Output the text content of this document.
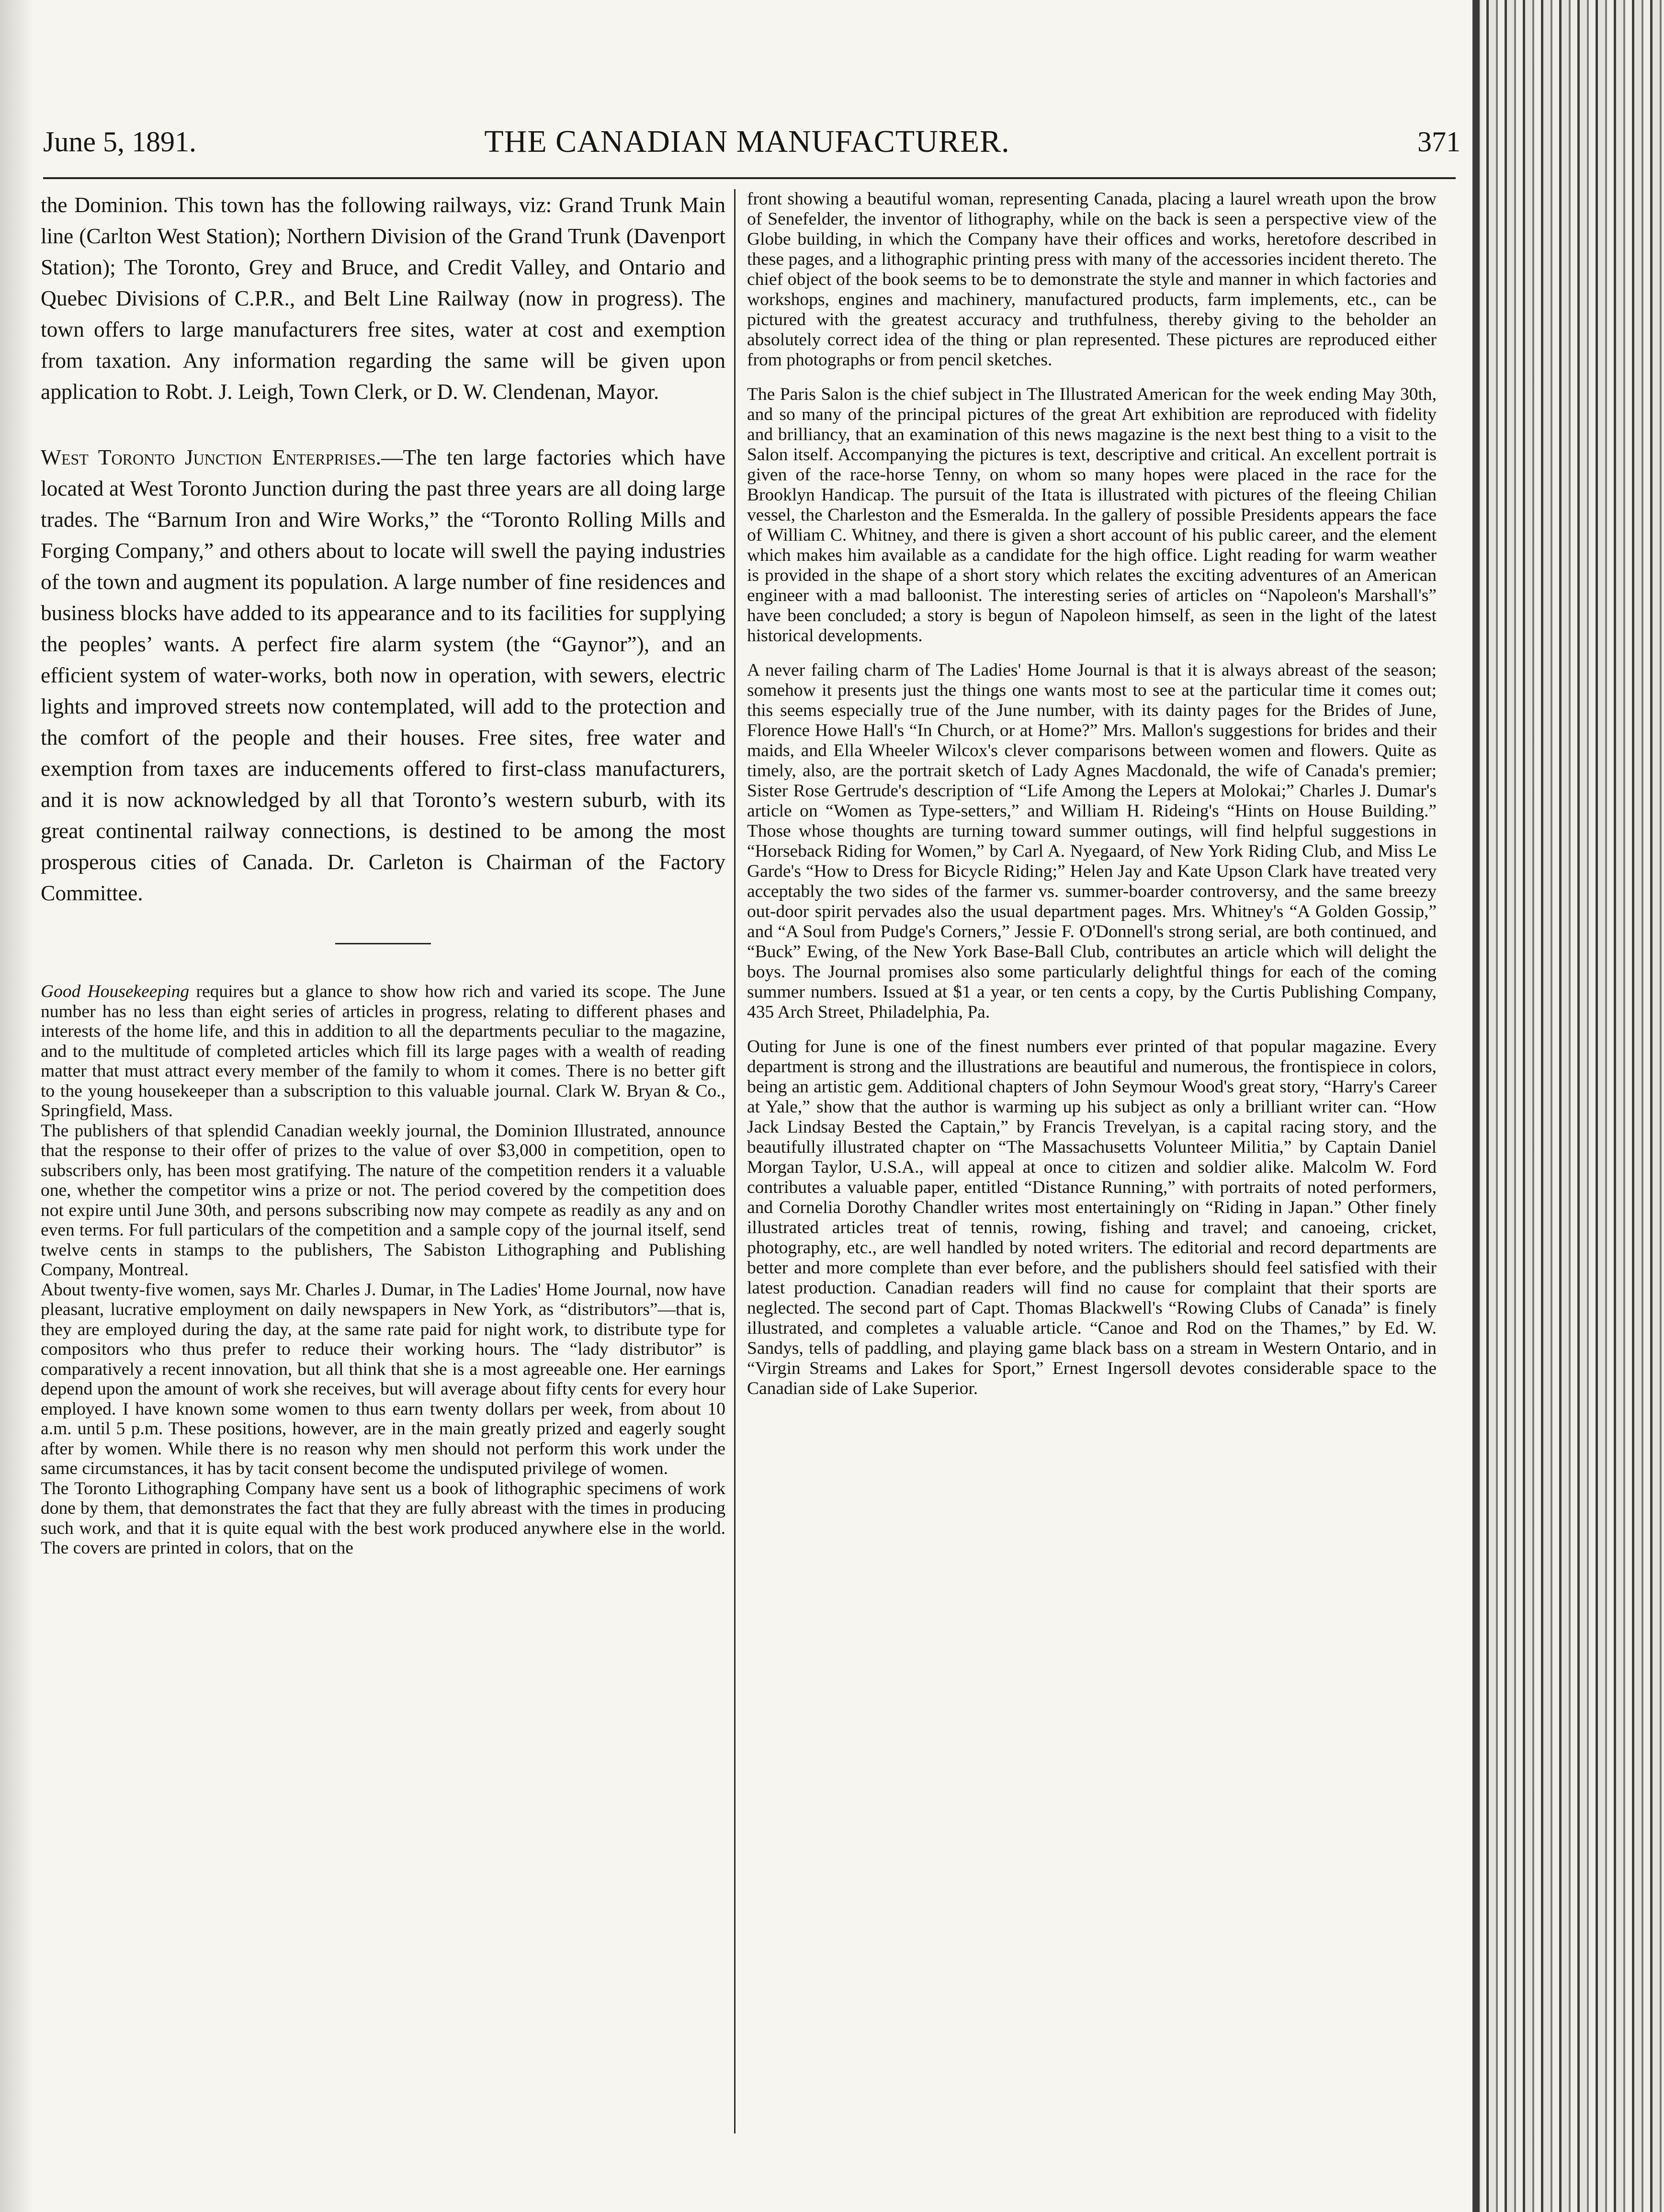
June 5, 1891.	THE CANADIAN MANUFACTURER.	371

the Dominion. This town has the following railways, viz: Grand Trunk Main line (Carlton West Station); Northern Division of the Grand Trunk (Davenport Station); The Toronto, Grey and Bruce, and Credit Valley, and Ontario and Quebec Divisions of C.P.R., and Belt Line Railway (now in progress). The town offers to large manufacturers free sites, water at cost and exemption from taxation. Any information regarding the same will be given upon application to Robt. J. Leigh, Town Clerk, or D. W. Clendenan, Mayor.

West Toronto Junction Enterprises.—The ten large factories which have located at West Toronto Junction during the past three years are all doing large trades. The “Barnum Iron and Wire Works,” the “Toronto Rolling Mills and Forging Company,” and others about to locate will swell the paying industries of the town and augment its population. A large number of fine residences and business blocks have added to its appearance and to its facilities for supplying the peoples’ wants. A perfect fire alarm system (the “Gaynor”), and an efficient system of water-works, both now in operation, with sewers, electric lights and improved streets now contemplated, will add to the protection and the comfort of the people and their houses. Free sites, free water and exemption from taxes are inducements offered to first-class manufacturers, and it is now acknowledged by all that Toronto’s western suburb, with its great continental railway connections, is destined to be among the most prosperous cities of Canada. Dr. Carleton is Chairman of the Factory Committee.

Good Housekeeping requires but a glance to show how rich and varied its scope. The June number has no less than eight series of articles in progress, relating to different phases and interests of the home life, and this in addition to all the departments peculiar to the magazine, and to the multitude of completed articles which fill its large pages with a wealth of reading matter that must attract every member of the family to whom it comes. There is no better gift to the young housekeeper than a subscription to this valuable journal. Clark W. Bryan & Co., Springfield, Mass.

The publishers of that splendid Canadian weekly journal, the Dominion Illustrated, announce that the response to their offer of prizes to the value of over $3,000 in competition, open to subscribers only, has been most gratifying. The nature of the competition renders it a valuable one, whether the competitor wins a prize or not. The period covered by the competition does not expire until June 30th, and persons subscribing now may compete as readily as any and on even terms. For full particulars of the competition and a sample copy of the journal itself, send twelve cents in stamps to the publishers, The Sabiston Lithographing and Publishing Company, Montreal.

About twenty-five women, says Mr. Charles J. Dumar, in The Ladies' Home Journal, now have pleasant, lucrative employment on daily newspapers in New York, as “distributors”—that is, they are employed during the day, at the same rate paid for night work, to distribute type for compositors who thus prefer to reduce their working hours. The “lady distributor” is comparatively a recent innovation, but all think that she is a most agreeable one. Her earnings depend upon the amount of work she receives, but will average about fifty cents for every hour employed. I have known some women to thus earn twenty dollars per week, from about 10 a.m. until 5 p.m. These positions, however, are in the main greatly prized and eagerly sought after by women. While there is no reason why men should not perform this work under the same circumstances, it has by tacit consent become the undisputed privilege of women.

The Toronto Lithographing Company have sent us a book of lithographic specimens of work done by them, that demonstrates the fact that they are fully abreast with the times in producing such work, and that it is quite equal with the best work produced anywhere else in the world. The covers are printed in colors, that on the

front showing a beautiful woman, representing Canada, placing a laurel wreath upon the brow of Senefelder, the inventor of lithography, while on the back is seen a perspective view of the Globe building, in which the Company have their offices and works, heretofore described in these pages, and a lithographic printing press with many of the accessories incident thereto. The chief object of the book seems to be to demonstrate the style and manner in which factories and workshops, engines and machinery, manufactured products, farm implements, etc., can be pictured with the greatest accuracy and truthfulness, thereby giving to the beholder an absolutely correct idea of the thing or plan represented. These pictures are reproduced either from photographs or from pencil sketches.

The Paris Salon is the chief subject in The Illustrated American for the week ending May 30th, and so many of the principal pictures of the great Art exhibition are reproduced with fidelity and brilliancy, that an examination of this news magazine is the next best thing to a visit to the Salon itself. Accompanying the pictures is text, descriptive and critical. An excellent portrait is given of the race-horse Tenny, on whom so many hopes were placed in the race for the Brooklyn Handicap. The pursuit of the Itata is illustrated with pictures of the fleeing Chilian vessel, the Charleston and the Esmeralda. In the gallery of possible Presidents appears the face of William C. Whitney, and there is given a short account of his public career, and the element which makes him available as a candidate for the high office. Light reading for warm weather is provided in the shape of a short story which relates the exciting adventures of an American engineer with a mad balloonist. The interesting series of articles on “Napoleon's Marshall's” have been concluded; a story is begun of Napoleon himself, as seen in the light of the latest historical developments.

A never failing charm of The Ladies' Home Journal is that it is always abreast of the season; somehow it presents just the things one wants most to see at the particular time it comes out; this seems especially true of the June number, with its dainty pages for the Brides of June, Florence Howe Hall's “In Church, or at Home?” Mrs. Mallon's suggestions for brides and their maids, and Ella Wheeler Wilcox's clever comparisons between women and flowers. Quite as timely, also, are the portrait sketch of Lady Agnes Macdonald, the wife of Canada's premier; Sister Rose Gertrude's description of “Life Among the Lepers at Molokai;” Charles J. Dumar's article on “Women as Type-setters,” and William H. Rideing's “Hints on House Building.” Those whose thoughts are turning toward summer outings, will find helpful suggestions in “Horseback Riding for Women,” by Carl A. Nyegaard, of New York Riding Club, and Miss Le Garde's “How to Dress for Bicycle Riding;” Helen Jay and Kate Upson Clark have treated very acceptably the two sides of the farmer vs. summer-boarder controversy, and the same breezy out-door spirit pervades also the usual department pages. Mrs. Whitney's “A Golden Gossip,” and “A Soul from Pudge's Corners,” Jessie F. O'Donnell's strong serial, are both continued, and “Buck” Ewing, of the New York Base-Ball Club, contributes an article which will delight the boys. The Journal promises also some particularly delightful things for each of the coming summer numbers. Issued at $1 a year, or ten cents a copy, by the Curtis Publishing Company, 435 Arch Street, Philadelphia, Pa.

Outing for June is one of the finest numbers ever printed of that popular magazine. Every department is strong and the illustrations are beautiful and numerous, the frontispiece in colors, being an artistic gem. Additional chapters of John Seymour Wood's great story, “Harry's Career at Yale,” show that the author is warming up his subject as only a brilliant writer can. “How Jack Lindsay Bested the Captain,” by Francis Trevelyan, is a capital racing story, and the beautifully illustrated chapter on “The Massachusetts Volunteer Militia,” by Captain Daniel Morgan Taylor, U.S.A., will appeal at once to citizen and soldier alike. Malcolm W. Ford contributes a valuable paper, entitled “Distance Running,” with portraits of noted performers, and Cornelia Dorothy Chandler writes most entertainingly on “Riding in Japan.” Other finely illustrated articles treat of tennis, rowing, fishing and travel; and canoeing, cricket, photography, etc., are well handled by noted writers. The editorial and record departments are better and more complete than ever before, and the publishers should feel satisfied with their latest production. Canadian readers will find no cause for complaint that their sports are neglected. The second part of Capt. Thomas Blackwell's “Rowing Clubs of Canada” is finely illustrated, and completes a valuable article. “Canoe and Rod on the Thames,” by Ed. W. Sandys, tells of paddling, and playing game black bass on a stream in Western Ontario, and in “Virgin Streams and Lakes for Sport,” Ernest Ingersoll devotes considerable space to the Canadian side of Lake Superior.
